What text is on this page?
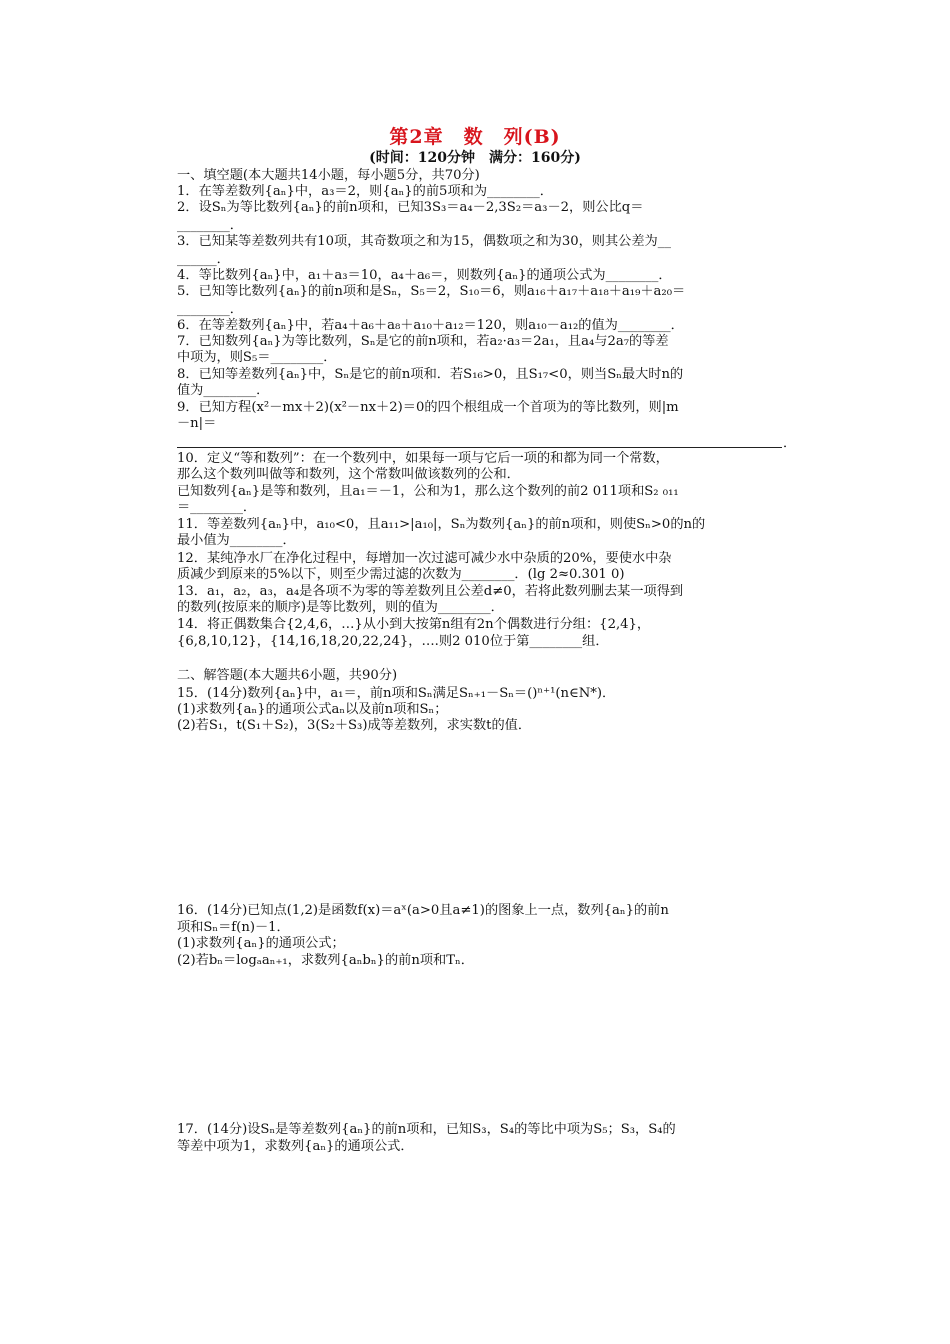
第2章　数　列(B)
(时间：120分钟　满分：160分)
一、填空题(本大题共14小题，每小题5分，共70分)
1．在等差数列{aₙ}中，a₃＝2，则{aₙ}的前5项和为________．
2．设Sₙ为等比数列{aₙ}的前n项和，已知3S₃＝a₄－2,3S₂＝a₃－2，则公比q＝
________．
3．已知某等差数列共有10项，其奇数项之和为15，偶数项之和为30，则其公差为__
______．
4．等比数列{aₙ}中，a₁＋a₃＝10，a₄＋a₆＝，则数列{aₙ}的通项公式为________．
5．已知等比数列{aₙ}的前n项和是Sₙ，S₅＝2，S₁₀＝6，则a₁₆＋a₁₇＋a₁₈＋a₁₉＋a₂₀＝
________．
6．在等差数列{aₙ}中，若a₄＋a₆＋a₈＋a₁₀＋a₁₂＝120，则a₁₀－a₁₂的值为________．
7．已知数列{aₙ}为等比数列，Sₙ是它的前n项和，若a₂·a₃＝2a₁，且a₄与2a₇的等差
中项为，则S₅＝________．
8．已知等差数列{aₙ}中，Sₙ是它的前n项和．若S₁₆>0，且S₁₇<0，则当Sₙ最大时n的
值为________．
9．已知方程(x²－mx＋2)(x²－nx＋2)＝0的四个根组成一个首项为的等比数列，则|m
－n|＝
．
10．定义“等和数列”：在一个数列中，如果每一项与它后一项的和都为同一个常数，
那么这个数列叫做等和数列，这个常数叫做该数列的公和．
已知数列{aₙ}是等和数列，且a₁＝－1，公和为1，那么这个数列的前2 011项和S₂ ₀₁₁
＝________．
11．等差数列{aₙ}中，a₁₀<0，且a₁₁>|a₁₀|，Sₙ为数列{aₙ}的前n项和，则使Sₙ>0的n的
最小值为________．
12．某纯净水厂在净化过程中，每增加一次过滤可减少水中杂质的20%，要使水中杂
质减少到原来的5%以下，则至少需过滤的次数为________．(lg 2≈0.301 0)
13．a₁，a₂，a₃，a₄是各项不为零的等差数列且公差d≠0，若将此数列删去某一项得到
的数列(按原来的顺序)是等比数列，则的值为________．
14．将正偶数集合{2,4,6，…}从小到大按第n组有2n个偶数进行分组：{2,4}，
{6,8,10,12}，{14,16,18,20,22,24}，….则2 010位于第________组．
二、解答题(本大题共6小题，共90分)
15．(14分)数列{aₙ}中，a₁＝，前n项和Sₙ满足Sₙ₊₁－Sₙ＝()ⁿ⁺¹(n∈N*)．
(1)求数列{aₙ}的通项公式aₙ以及前n项和Sₙ；
(2)若S₁，t(S₁＋S₂)，3(S₂＋S₃)成等差数列，求实数t的值．
16．(14分)已知点(1,2)是函数f(x)＝aˣ(a>0且a≠1)的图象上一点，数列{aₙ}的前n
项和Sₙ＝f(n)－1．
(1)求数列{aₙ}的通项公式；
(2)若bₙ＝logₐaₙ₊₁，求数列{aₙbₙ}的前n项和Tₙ．
17．(14分)设Sₙ是等差数列{aₙ}的前n项和，已知S₃，S₄的等比中项为S₅；S₃，S₄的
等差中项为1，求数列{aₙ}的通项公式．
